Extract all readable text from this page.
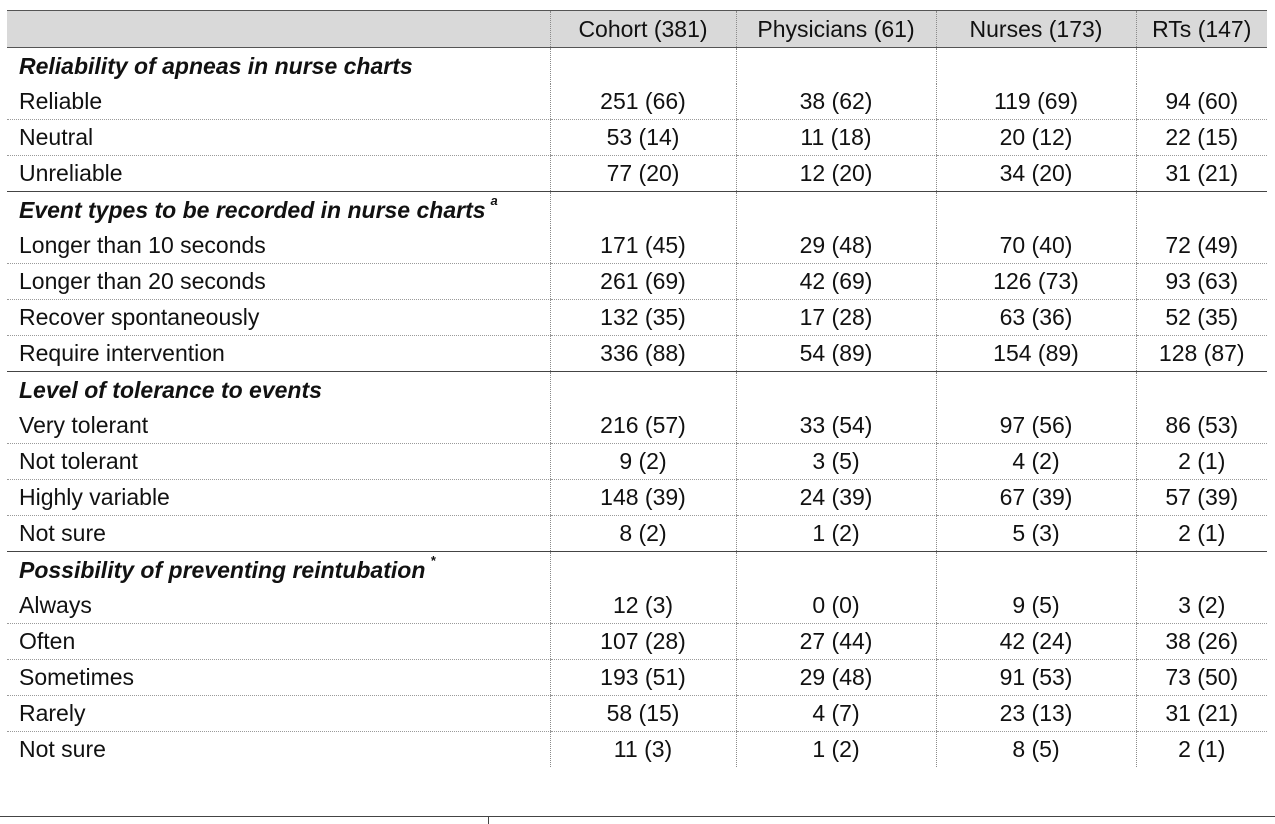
	Cohort (381)	Physicians (61)	Nurses (173)	RTs (147)
Reliability of apneas in nurse charts				
Reliable	251 (66)	38 (62)	119 (69)	94 (60)
Neutral	53 (14)	11 (18)	20 (12)	22 (15)
Unreliable	77 (20)	12 (20)	34 (20)	31 (21)
Event types to be recorded in nurse charts $^a$				
Longer than 10 seconds	171 (45)	29 (48)	70 (40)	72 (49)
Longer than 20 seconds	261 (69)	42 (69)	126 (73)	93 (63)
Recover spontaneously	132 (35)	17 (28)	63 (36)	52 (35)
Require intervention	336 (88)	54 (89)	154 (89)	128 (87)
Level of tolerance to events				
Very tolerant	216 (57)	33 (54)	97 (56)	86 (53)
Not tolerant	9 (2)	3 (5)	4 (2)	2 (1)
Highly variable	148 (39)	24 (39)	67 (39)	57 (39)
Not sure	8 (2)	1 (2)	5 (3)	2 (1)
Possibility of preventing reintubation *				
Always	12 (3)	0 (0)	9 (5)	3 (2)
Often	107 (28)	27 (44)	42 (24)	38 (26)
Sometimes	193 (51)	29 (48)	91 (53)	73 (50)
Rarely	58 (15)	4 (7)	23 (13)	31 (21)
Not sure	11 (3)	1 (2)	8 (5)	2 (1)
